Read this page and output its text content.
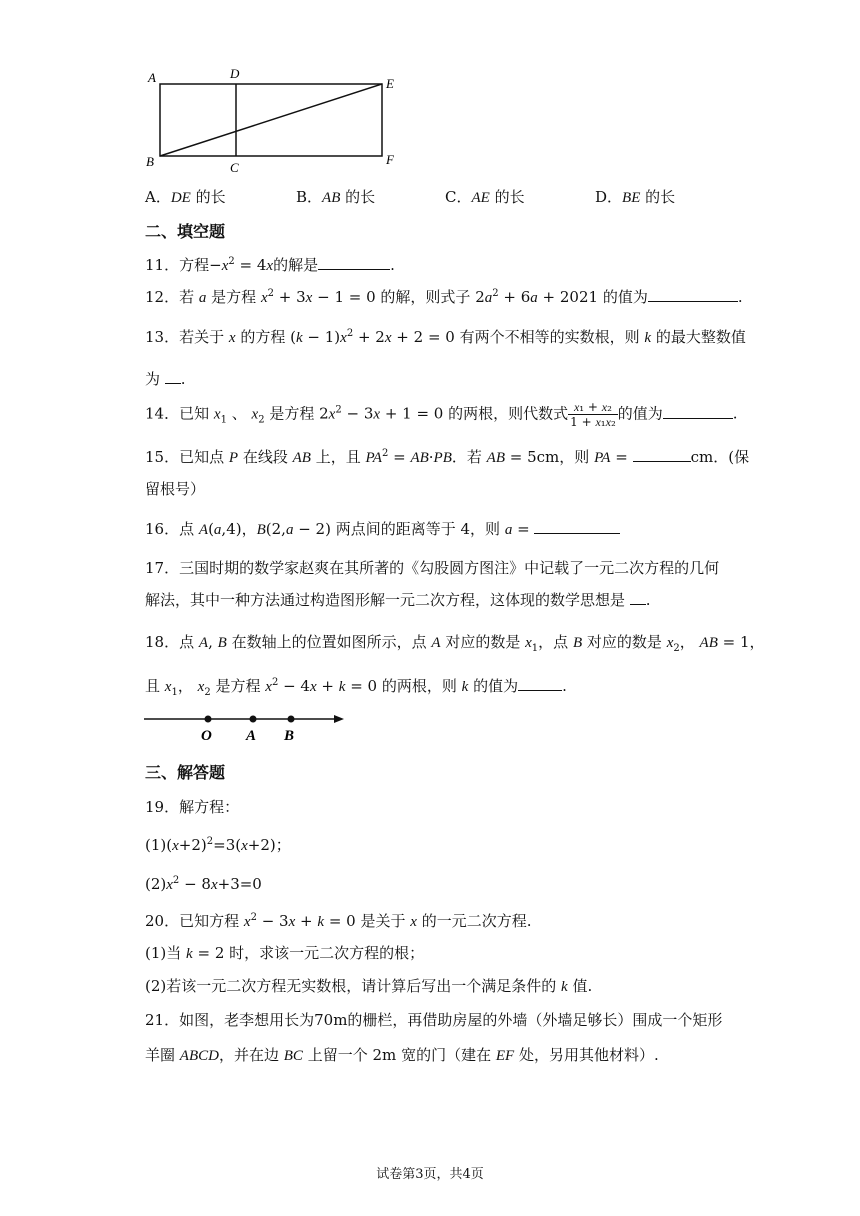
A	D
E
B	C
F
A．DE 的长	B．AB 的长	C．AE 的长	D．BE 的长
二、填空题
11．方程$-x^2 = 4x$的解是	.
12．若 a 是方程 $x^2 + 3x - 1 = 0$ 的解，则式子 $2a^2 + 6a + 2021$ 的值为	.
13．若关于 x 的方程 $(k - 1)x^2 + 2x + 2 = 0$ 有两个不相等的实数根，则 k 的最大整数值
为 .
14．已知 $x_1$ 、 $x_2$ 是方程 $2x^2 - 3x + 1 = 0$ 的两根，则代数式 $\frac{\text{x₁ + x₂}}{\text{1 + x₁x₂}}$ 的值为	.
15．已知点 P 在线段 AB 上，且 $PA^2 = AB\cdot PB$．若 AB = 5cm，则 PA =	cm．(保
留根号）
16．点 A(a,4)，B(2,a − 2) 两点间的距离等于 4，则 a =
17．三国时期的数学家赵爽在其所著的《勾股圆方图注》中记载了一元二次方程的几何
解法，其中一种方法通过构造图形解一元二次方程，这体现的数学思想是 .
18．点 A, B 在数轴上的位置如图所示，点 A 对应的数是 $x_1$，点 B 对应的数是 $x_2$， AB = 1，
且 $x_1$， $x_2$ 是方程 $x^2 - 4x + k = 0$ 的两根，则 k 的值为	.
O A B
三、解答题
19．解方程：
$(1)(x+2)^2=3(x+2)$；
$(2)x^2 - 8x+3=0$
20．已知方程 $x^2 - 3x + k = 0$ 是关于 x 的一元二次方程.
(1)当 k = 2 时，求该一元二次方程的根；
(2)若该一元二次方程无实数根，请计算后写出一个满足条件的 k 值.
21．如图，老李想用长为70m的栅栏，再借助房屋的外墙（外墙足够长）围成一个矩形
羊圈 ABCD，并在边 BC 上留一个 2m 宽的门（建在 EF 处，另用其他材料）.
试卷第3页，共4页
